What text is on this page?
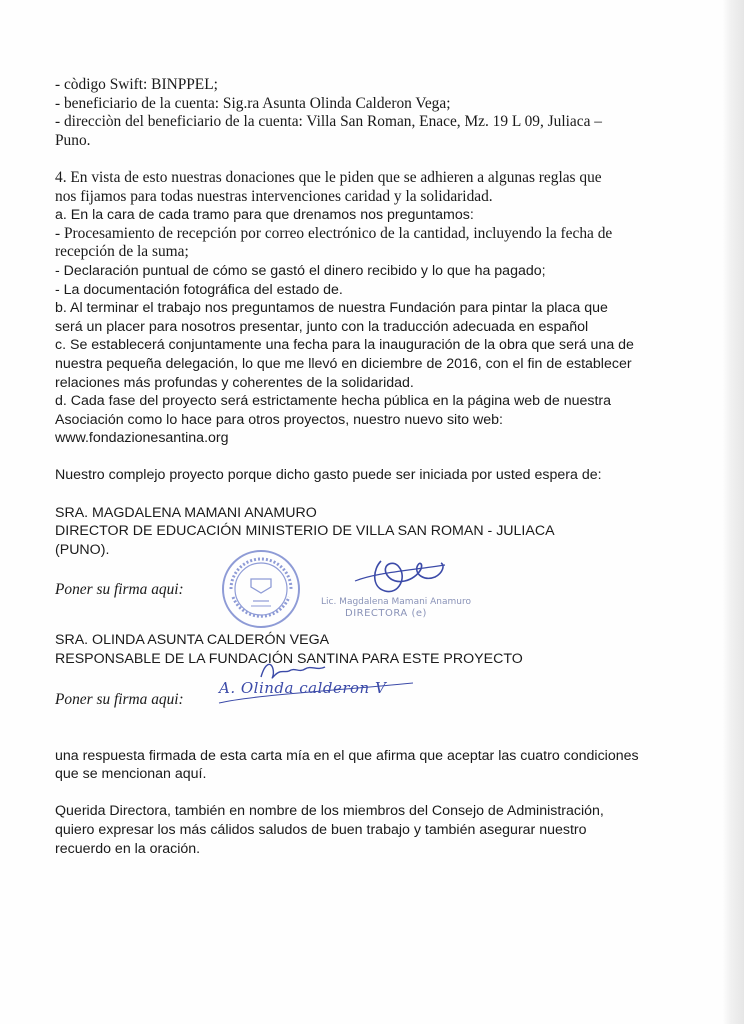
- còdigo Swift: BINPPEL;
- beneficiario de la cuenta: Sig.ra Asunta Olinda Calderon Vega;
- direcciòn del beneficiario de la cuenta: Villa San Roman, Enace, Mz. 19 L 09, Juliaca –
Puno.
4. En vista de esto nuestras donaciones que le piden que se adhieren a algunas reglas que
nos fijamos para todas nuestras intervenciones caridad y la solidaridad.
a. En la cara de cada tramo para que drenamos nos preguntamos:
- Procesamiento de recepción por correo electrónico de la cantidad, incluyendo la fecha de
recepción de la suma;
- Declaración puntual de cómo se gastó el dinero recibido y lo que ha pagado;
- La documentación fotográfica del estado de.
b. Al terminar el trabajo nos preguntamos de nuestra Fundación para pintar la placa que
será un placer para nosotros presentar, junto con la traducción adecuada en español
c. Se establecerá conjuntamente una fecha para la inauguración de la obra que será una de
nuestra pequeña delegación, lo que me llevó en diciembre de 2016, con el fin de establecer
relaciones más profundas y coherentes de la solidaridad.
d. Cada fase del proyecto será estrictamente hecha pública en la página web de nuestra
Asociación como lo hace para otros proyectos, nuestro nuevo sito web:
www.fondazionesantina.org
Nuestro complejo proyecto porque dicho gasto puede ser iniciada por usted espera de:
SRA. MAGDALENA MAMANI ANAMURO
DIRECTOR DE EDUCACIÓN MINISTERIO DE VILLA SAN ROMAN - JULIACA
(PUNO).
Poner su firma aqui:
Lic. Magdalena Mamani Anamuro
DIRECTORA (e)
SRA. OLINDA ASUNTA CALDERÓN VEGA
RESPONSABLE DE LA FUNDACIÓN SANTINA PARA ESTE PROYECTO
Poner su firma aqui:
A. Olinda calderon V
una respuesta firmada de esta carta mía en el que afirma que aceptar las cuatro condiciones
que se mencionan aquí.
Querida Directora, también en nombre de los miembros del Consejo de Administración,
quiero expresar los más cálidos saludos de buen trabajo y también asegurar nuestro
recuerdo en la oración.
